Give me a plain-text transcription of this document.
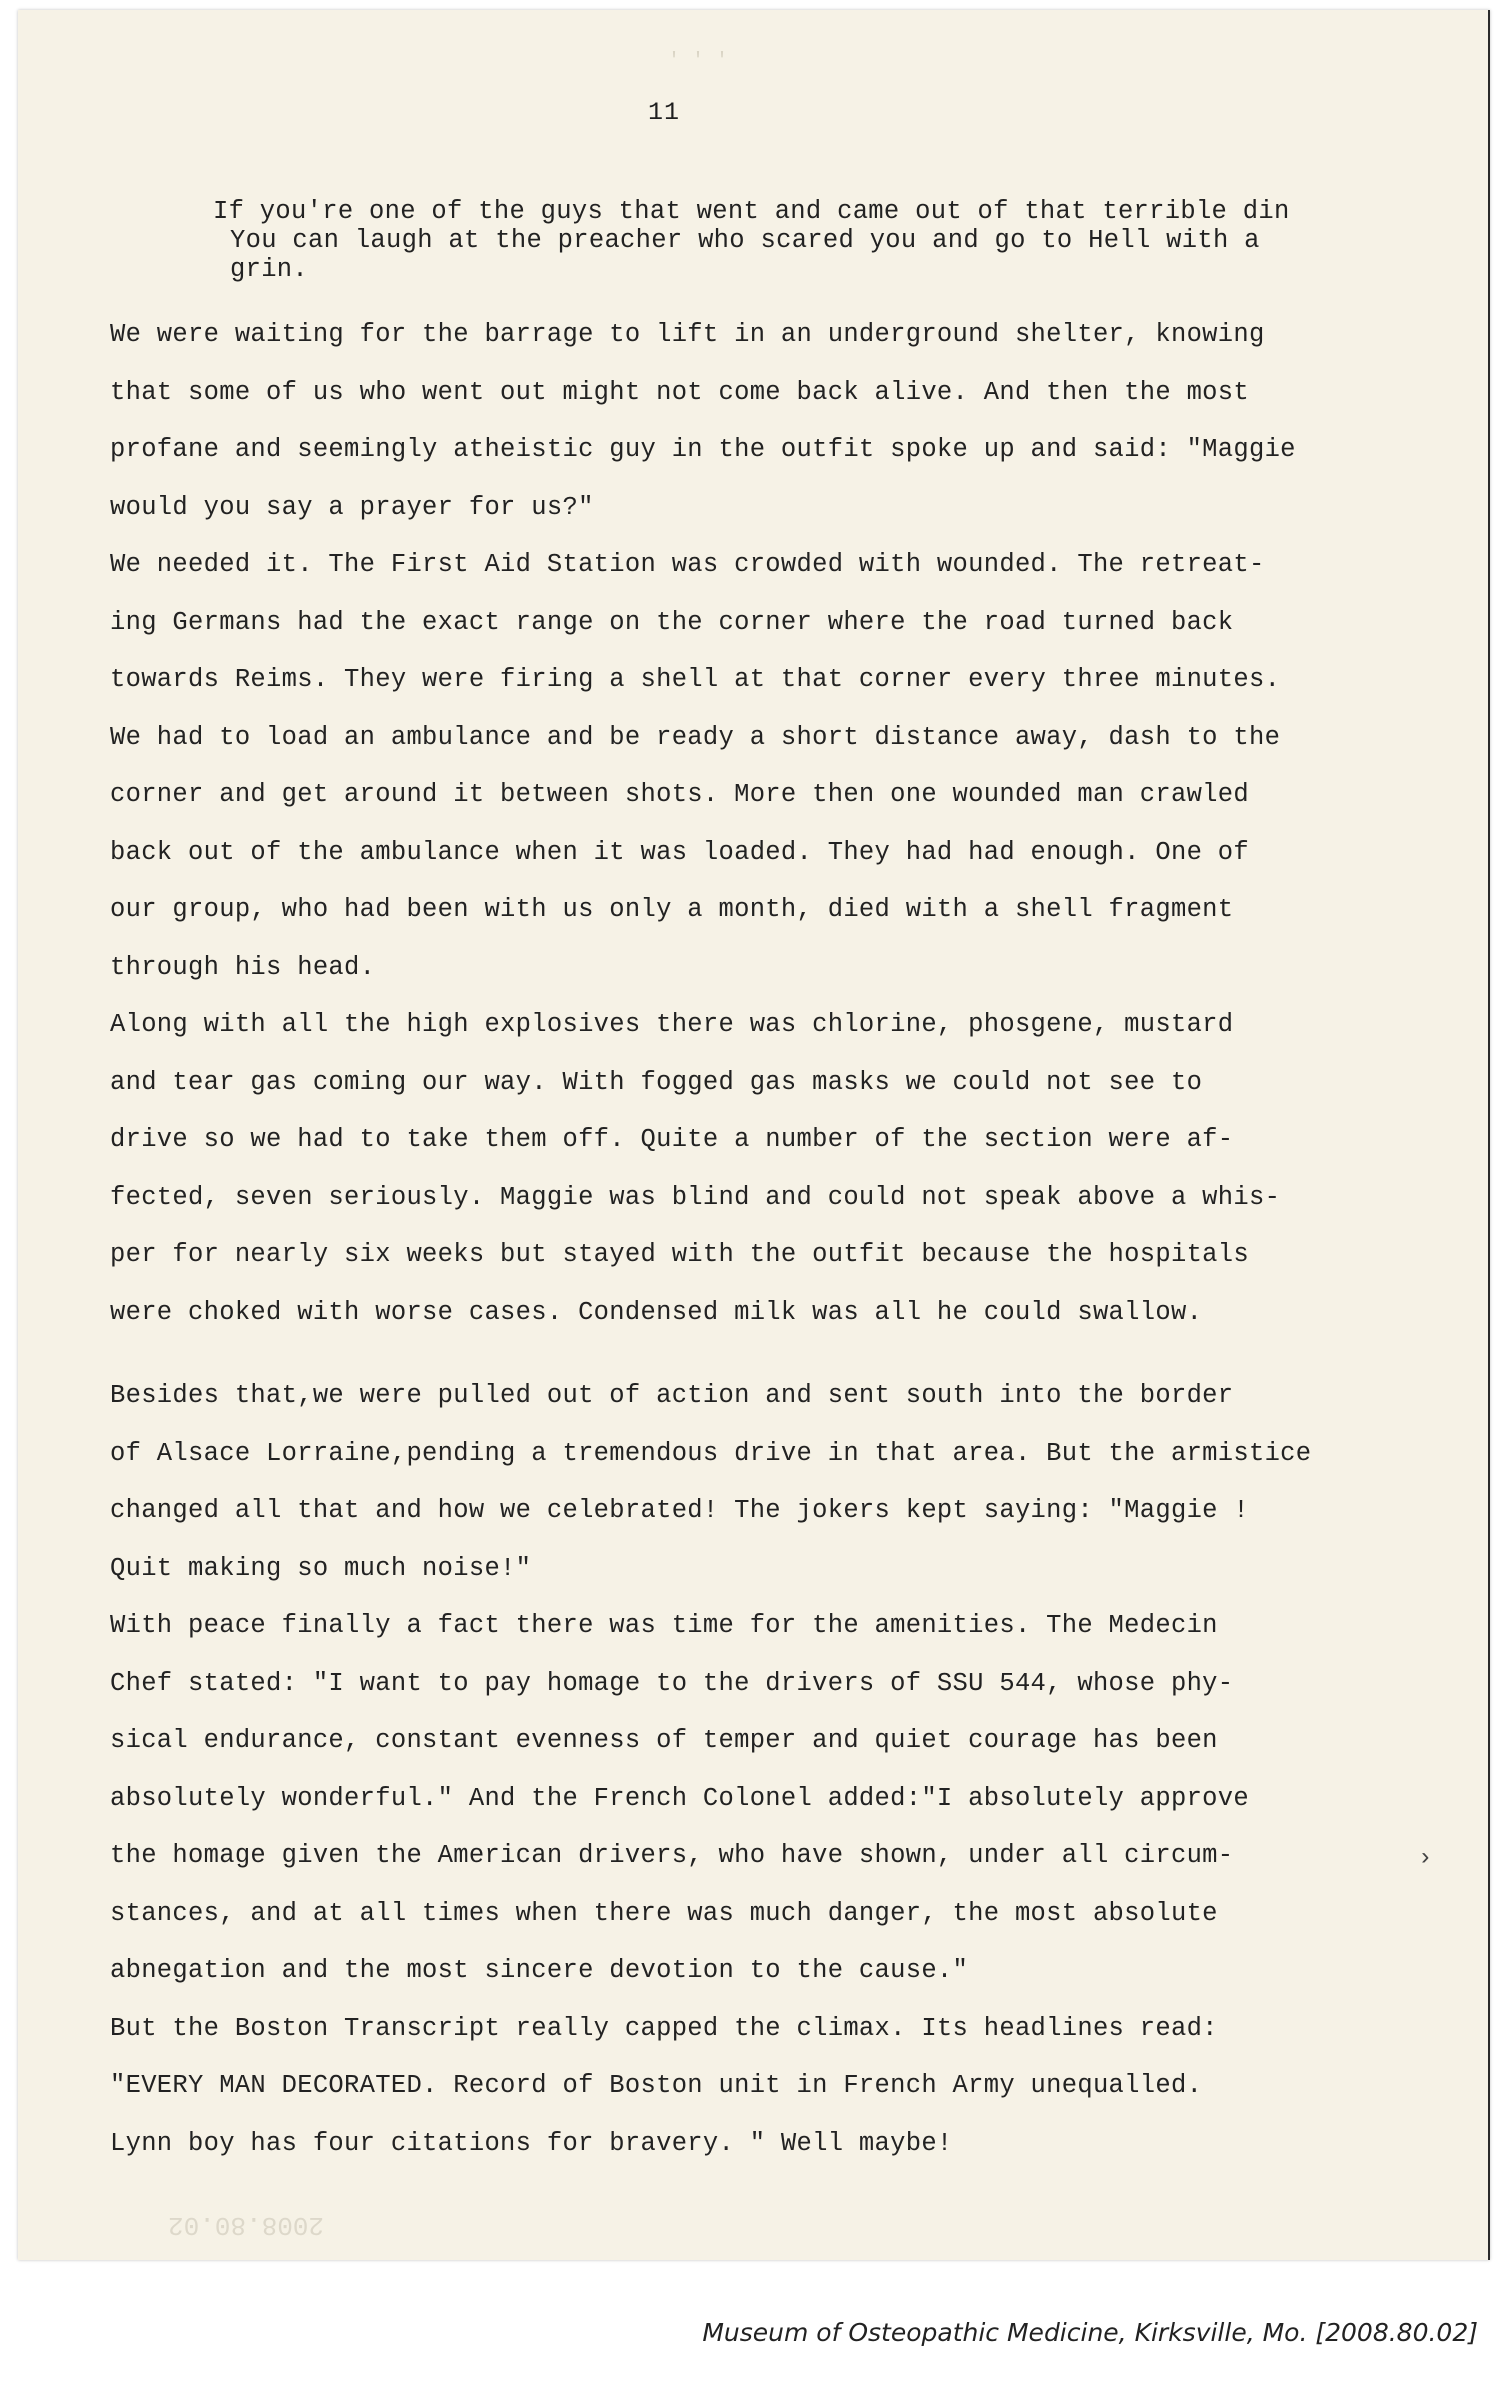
' ' '
11
If you're one of the guys that went and came out of that terrible din
You can laugh at the preacher who scared you and go to Hell with a
grin.
We were waiting for the barrage to lift in an underground shelter, knowing
that some of us who went out might not come back alive. And then the most
profane and seemingly atheistic guy in the outfit spoke up and said: "Maggie
would you say a prayer for us?"
We needed it. The First Aid Station was crowded with wounded. The retreat-
ing Germans had the exact range on the corner where the road turned back
towards Reims. They were firing a shell at that corner every three minutes.
We had to load an ambulance and be ready a short distance away, dash to the
corner and get around it between shots. More then one wounded man crawled
back out of the ambulance when it was loaded. They had had enough. One of
our group, who had been with us only a month, died with a shell fragment
through his head.
Along with all the high explosives there was chlorine, phosgene, mustard
and tear gas coming our way. With fogged gas masks we could not see to
drive so we had to take them off. Quite a number of the section were af-
fected, seven seriously. Maggie was blind and could not speak above a whis-
per for nearly six weeks but stayed with the outfit because the hospitals
were choked with worse cases. Condensed milk was all he could swallow.
Besides that,we were pulled out of action and sent south into the border
of Alsace Lorraine,pending a tremendous drive in that area. But the armistice
changed all that and how we celebrated! The jokers kept saying: "Maggie !
Quit making so much noise!"
With peace finally a fact there was time for the amenities. The Medecin
Chef stated: "I want to pay homage to the drivers of SSU 544, whose phy-
sical endurance, constant evenness of temper and quiet courage has been
absolutely wonderful." And the French Colonel added:"I absolutely approve
the homage given the American drivers, who have shown, under all circum-
stances, and at all times when there was much danger, the most absolute
abnegation and the most sincere devotion to the cause."
But the Boston Transcript really capped the climax. Its headlines read:
"EVERY MAN DECORATED. Record of Boston unit in French Army unequalled.
Lynn boy has four citations for bravery. " Well maybe!
›
2008.80.02
Museum of Osteopathic Medicine, Kirksville, Mo. [2008.80.02]
